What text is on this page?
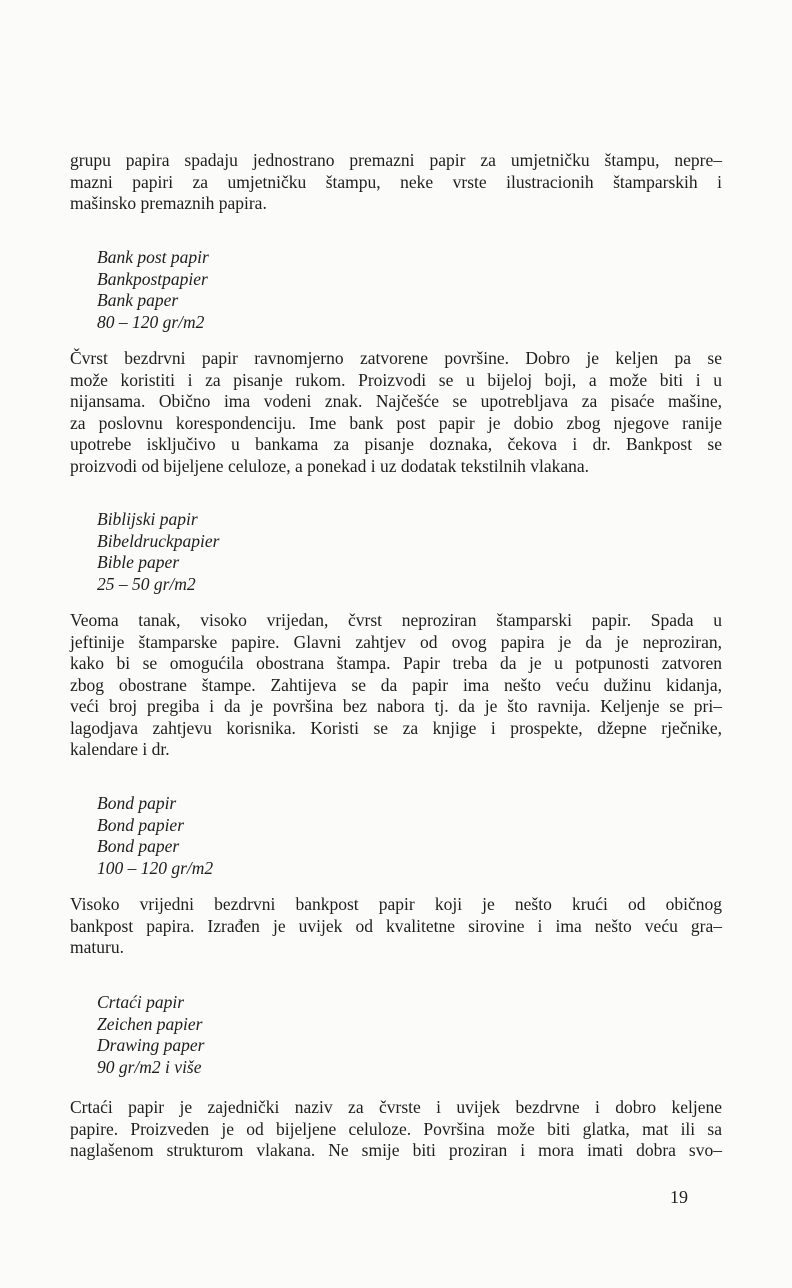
grupu papira spadaju jednostrano premazni papir za umjetničku štampu, nepre–

mazni papiri za umjetničku štampu, neke vrste ilustracionih štamparskih i

mašinsko premaznih papira.

Bank post papir
Bankpostpapier
Bank paper
80 – 120 gr/m2

Čvrst bezdrvni papir ravnomjerno zatvorene površine. Dobro je keljen pa se

može koristiti i za pisanje rukom. Proizvodi se u bijeloj boji, a može biti i u

nijansama. Obično ima vodeni znak. Najčešće se upotrebljava za pisaće mašine,

za poslovnu korespondenciju. Ime bank post papir je dobio zbog njegove ranije

upotrebe isključivo u bankama za pisanje doznaka, čekova i dr. Bankpost se

proizvodi od bijeljene celuloze, a ponekad i uz dodatak tekstilnih vlakana.

Biblijski papir
Bibeldruckpapier
Bible paper
25 – 50 gr/m2

Veoma tanak, visoko vrijedan, čvrst neproziran štamparski papir. Spada u

jeftinije štamparske papire. Glavni zahtjev od ovog papira je da je neproziran,

kako bi se omogućila obostrana štampa. Papir treba da je u potpunosti zatvoren

zbog obostrane štampe. Zahtijeva se da papir ima nešto veću dužinu kidanja,

veći broj pregiba i da je površina bez nabora tj. da je što ravnija. Keljenje se pri–

lagodjava zahtjevu korisnika. Koristi se za knjige i prospekte, džepne rječnike,

kalendare i dr.

Bond papir
Bond papier
Bond paper
100 – 120 gr/m2

Visoko vrijedni bezdrvni bankpost papir koji je nešto krući od običnog

bankpost papira. Izrađen je uvijek od kvalitetne sirovine i ima nešto veću gra–

maturu.

Crtaći papir
Zeichen papier
Drawing paper
90 gr/m2 i više

Crtaći papir je zajednički naziv za čvrste i uvijek bezdrvne i dobro keljene

papire. Proizveden je od bijeljene celuloze. Površina može biti glatka, mat ili sa

naglašenom strukturom vlakana. Ne smije biti proziran i mora imati dobra svo–

19
